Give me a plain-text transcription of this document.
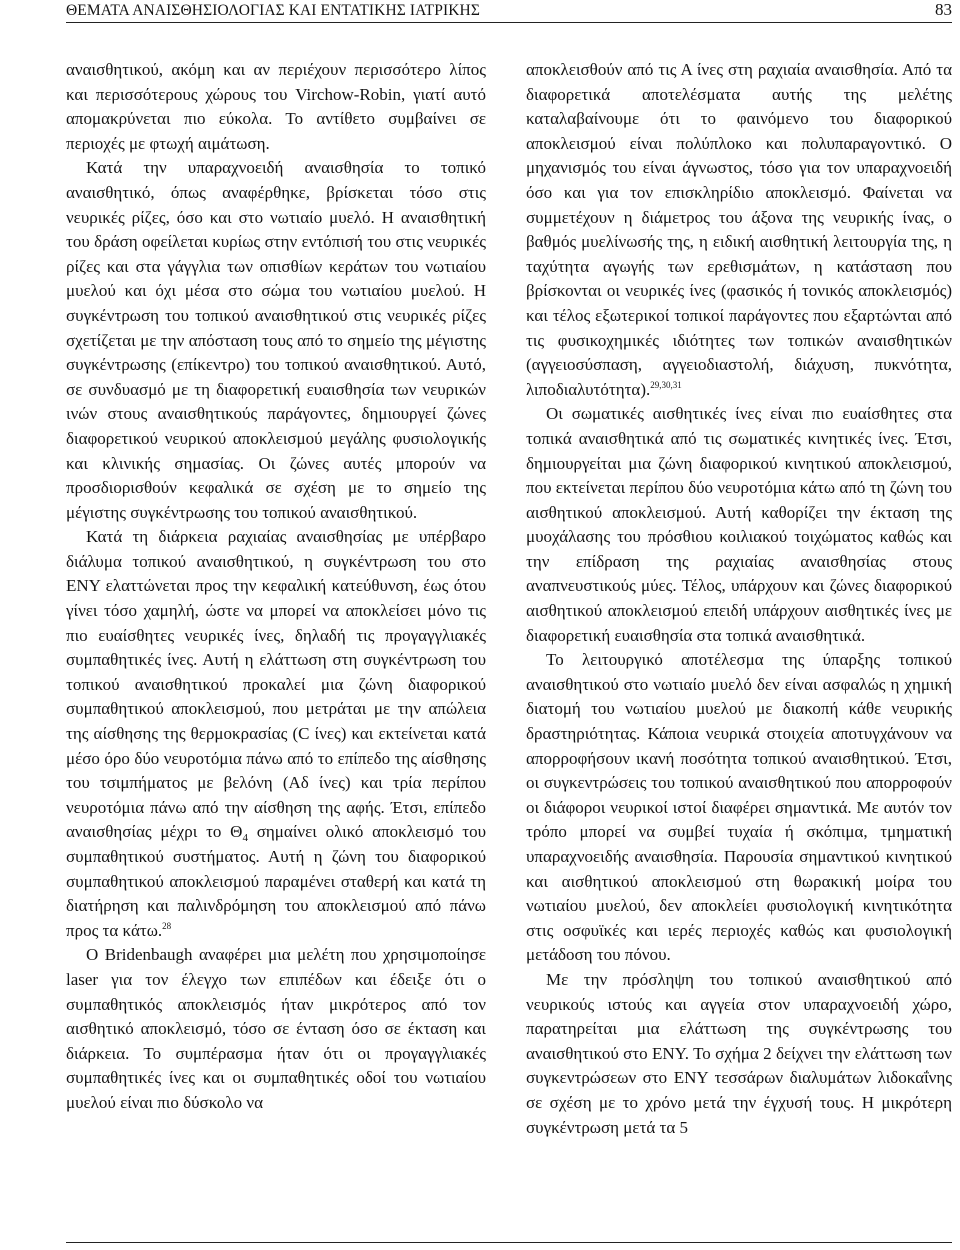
ΘΕΜΑΤΑ ΑΝΑΙΣΘΗΣΙΟΛΟΓΙΑΣ ΚΑΙ ΕΝΤΑΤΙΚΗΣ ΙΑΤΡΙΚΗΣ	83

αναισθητικού, ακόμη και αν περιέχουν περισσότερο λίπος και περισσότερους χώρους του Virchow-Robin, γιατί αυτό απομακρύνεται πιο εύκολα. Το αντίθετο συμβαίνει σε περιοχές με φτωχή αιμάτωση.

Κατά την υπαραχνοειδή αναισθησία το τοπικό αναισθητικό, όπως αναφέρθηκε, βρίσκεται τόσο στις νευρικές ρίζες, όσο και στο νωτιαίο μυελό. Η αναισθητική του δράση οφείλεται κυρίως στην εντόπισή του στις νευρικές ρίζες και στα γάγγλια των οπισθίων κεράτων του νωτιαίου μυελού και όχι μέσα στο σώμα του νωτιαίου μυελού. Η συγκέντρωση του τοπικού αναισθητικού στις νευρικές ρίζες σχετίζεται με την απόσταση τους από το σημείο της μέγιστης συγκέντρωσης (επίκεντρο) του τοπικού αναισθητικού. Αυτό, σε συνδυασμό με τη διαφορετική ευαισθησία των νευρικών ινών στους αναισθητικούς παράγοντες, δημιουργεί ζώνες διαφορετικού νευρικού αποκλεισμού μεγάλης φυσιολογικής και κλινικής σημασίας. Οι ζώνες αυτές μπορούν να προσδιορισθούν κεφαλικά σε σχέση με το σημείο της μέγιστης συγκέντρωσης του τοπικού αναισθητικού.

Κατά τη διάρκεια ραχιαίας αναισθησίας με υπέρβαρο διάλυμα τοπικού αναισθητικού, η συγκέντρωση του στο ΕΝΥ ελαττώνεται προς την κεφαλική κατεύθυνση, έως ότου γίνει τόσο χαμηλή, ώστε να μπορεί να αποκλείσει μόνο τις πιο ευαίσθητες νευρικές ίνες, δηλαδή τις προγαγγλιακές συμπαθητικές ίνες. Αυτή η ελάττωση στη συγκέντρωση του τοπικού αναισθητικού προκαλεί μια ζώνη διαφορικού συμπαθητικού αποκλεισμού, που μετράται με την απώλεια της αίσθησης της θερμοκρασίας (C ίνες) και εκτείνεται κατά μέσο όρο δύο νευροτόμια πάνω από το επίπεδο της αίσθησης του τσιμπήματος με βελόνη (Αδ ίνες) και τρία περίπου νευροτόμια πάνω από την αίσθηση της αφής. Έτσι, επίπεδο αναισθησίας μέχρι το $\Theta_4$ σημαίνει ολικό αποκλεισμό του συμπαθητικού συστήματος. Αυτή η ζώνη του διαφορικού συμπαθητικού αποκλεισμού παραμένει σταθερή και κατά τη διατήρηση και παλινδρόμηση του αποκλεισμού από πάνω προς τα κάτω.$^{28}$

Ο Bridenbaugh αναφέρει μια μελέτη που χρησιμοποίησε laser για τον έλεγχο των επιπέδων και έδειξε ότι ο συμπαθητικός αποκλεισμός ήταν μικρότερος από τον αισθητικό αποκλεισμό, τόσο σε ένταση όσο σε έκταση και διάρκεια. Το συμπέρασμα ήταν ότι οι προγαγγλιακές συμπαθητικές ίνες και οι συμπαθητικές οδοί του νωτιαίου μυελού είναι πιο δύσκολο να

αποκλεισθούν από τις Α ίνες στη ραχιαία αναισθησία. Από τα διαφορετικά αποτελέσματα αυτής της μελέτης καταλαβαίνουμε ότι το φαινόμενο του διαφορικού αποκλεισμού είναι πολύπλοκο και πολυπαραγοντικό. Ο μηχανισμός του είναι άγνωστος, τόσο για τον υπαραχνοειδή όσο και για τον επισκληρίδιο αποκλεισμό. Φαίνεται να συμμετέχουν η διάμετρος του άξονα της νευρικής ίνας, ο βαθμός μυελίνωσής της, η ειδική αισθητική λειτουργία της, η ταχύτητα αγωγής των ερεθισμάτων, η κατάσταση που βρίσκονται οι νευρικές ίνες (φασικός ή τονικός αποκλεισμός) και τέλος εξωτερικοί τοπικοί παράγοντες που εξαρτώνται από τις φυσικοχημικές ιδιότητες των τοπικών αναισθητικών (αγγειοσύσπαση, αγγειοδιαστολή, διάχυση, πυκνότητα, λιποδιαλυτότητα).$^{29,30,31}$

Οι σωματικές αισθητικές ίνες είναι πιο ευαίσθητες στα τοπικά αναισθητικά από τις σωματικές κινητικές ίνες. Έτσι, δημιουργείται μια ζώνη διαφορικού κινητικού αποκλεισμού, που εκτείνεται περίπου δύο νευροτόμια κάτω από τη ζώνη του αισθητικού αποκλεισμού. Αυτή καθορίζει την έκταση της μυοχάλασης του πρόσθιου κοιλιακού τοιχώματος καθώς και την επίδραση της ραχιαίας αναισθησίας στους αναπνευστικούς μύες. Τέλος, υπάρχουν και ζώνες διαφορικού αισθητικού αποκλεισμού επειδή υπάρχουν αισθητικές ίνες με διαφορετική ευαισθησία στα τοπικά αναισθητικά.

Το λειτουργικό αποτέλεσμα της ύπαρξης τοπικού αναισθητικού στο νωτιαίο μυελό δεν είναι ασφαλώς η χημική διατομή του νωτιαίου μυελού με διακοπή κάθε νευρικής δραστηριότητας. Κάποια νευρικά στοιχεία αποτυγχάνουν να απορροφήσουν ικανή ποσότητα τοπικού αναισθητικού. Έτσι, οι συγκεντρώσεις του τοπικού αναισθητικού που απορροφούν οι διάφοροι νευρικοί ιστοί διαφέρει σημαντικά. Με αυτόν τον τρόπο μπορεί να συμβεί τυχαία ή σκόπιμα, τμηματική υπαραχνοειδής αναισθησία. Παρουσία σημαντικού κινητικού και αισθητικού αποκλεισμού στη θωρακική μοίρα του νωτιαίου μυελού, δεν αποκλείει φυσιολογική κινητικότητα στις οσφυϊκές και ιερές περιοχές καθώς και φυσιολογική μετάδοση του πόνου.

Με την πρόσληψη του τοπικού αναισθητικού από νευρικούς ιστούς και αγγεία στον υπαραχνοειδή χώρο, παρατηρείται μια ελάττωση της συγκέντρωσης του αναισθητικού στο ΕΝΥ. Το σχήμα 2 δείχνει την ελάττωση των συγκεντρώσεων στο ΕΝΥ τεσσάρων διαλυμάτων λιδοκαΐνης σε σχέση με το χρόνο μετά την έγχυσή τους. Η μικρότερη συγκέντρωση μετά τα 5
